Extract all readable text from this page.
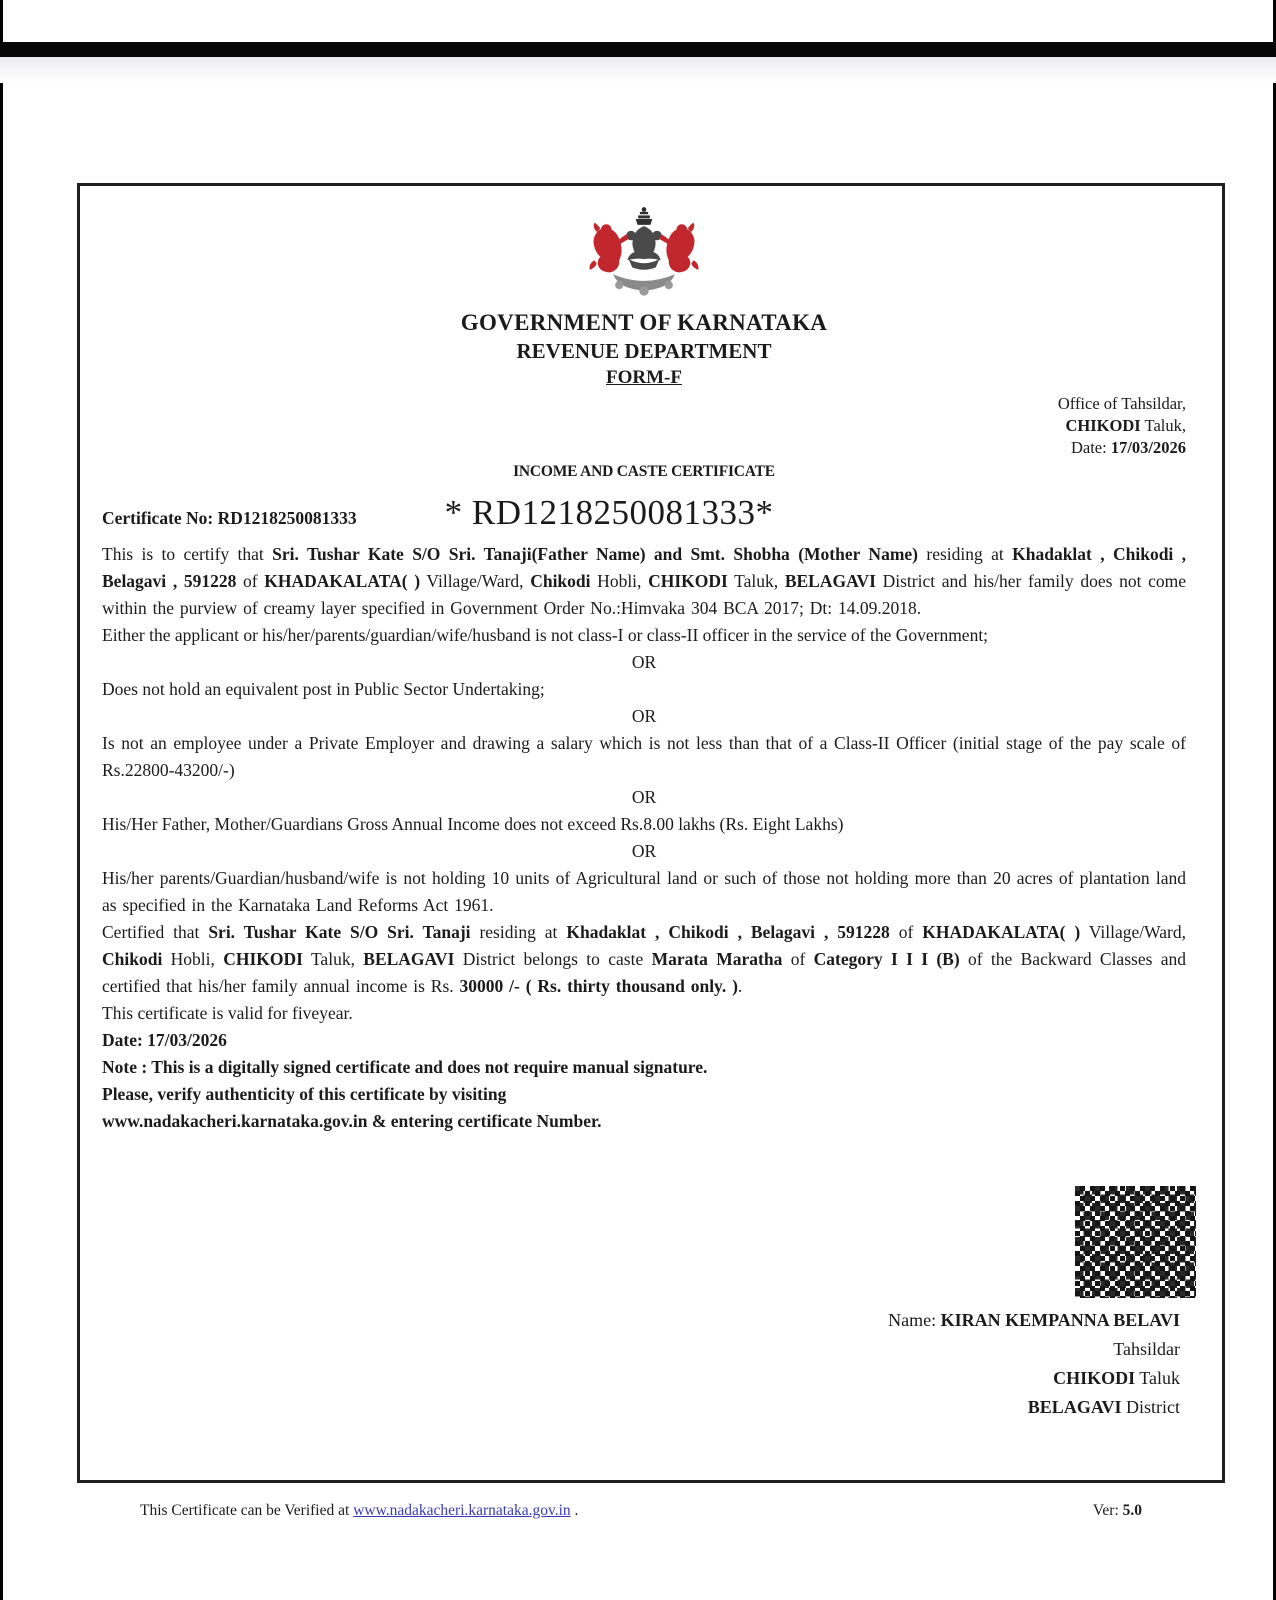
GOVERNMENT OF KARNATAKA
REVENUE DEPARTMENT
FORM-F
Office of Tahsildar,
CHIKODI Taluk,
Date: 17/03/2026
INCOME AND CASTE CERTIFICATE
Certificate No: RD1218250081333	* RD1218250081333*

This is to certify that Sri. Tushar Kate S/O Sri. Tanaji(Father Name) and Smt. Shobha (Mother Name) residing at Khadaklat , Chikodi , Belagavi , 591228 of KHADAKALATA( ) Village/Ward, Chikodi Hobli, CHIKODI Taluk, BELAGAVI District and his/her family does not come within the purview of creamy layer specified in Government Order No.:Himvaka 304 BCA 2017; Dt: 14.09.2018.

Either the applicant or his/her/parents/guardian/wife/husband is not class-I or class-II officer in the service of the Government;

OR

Does not hold an equivalent post in Public Sector Undertaking;

OR

Is not an employee under a Private Employer and drawing a salary which is not less than that of a Class-II Officer (initial stage of the pay scale of Rs.22800-43200/-)

OR

His/Her Father, Mother/Guardians Gross Annual Income does not exceed Rs.8.00 lakhs (Rs. Eight Lakhs)

OR

His/her parents/Guardian/husband/wife is not holding 10 units of Agricultural land or such of those not holding more than 20 acres of plantation land as specified in the Karnataka Land Reforms Act 1961.

Certified that Sri. Tushar Kate S/O Sri. Tanaji residing at Khadaklat , Chikodi , Belagavi , 591228 of KHADAKALATA( ) Village/Ward, Chikodi Hobli, CHIKODI Taluk, BELAGAVI District belongs to caste Marata Maratha of Category I I I (B) of the Backward Classes and certified that his/her family annual income is Rs. 30000 /- ( Rs. thirty thousand only. ).

This certificate is valid for fiveyear.

Date: 17/03/2026

Note : This is a digitally signed certificate and does not require manual signature.

Please, verify authenticity of this certificate by visiting www.nadakacheri.karnataka.gov.in & entering certificate Number.

Name: KIRAN KEMPANNA BELAVI
Tahsildar
CHIKODI Taluk
BELAGAVI District
This Certificate can be Verified at www.nadakacheri.karnataka.gov.in .	Ver: 5.0
